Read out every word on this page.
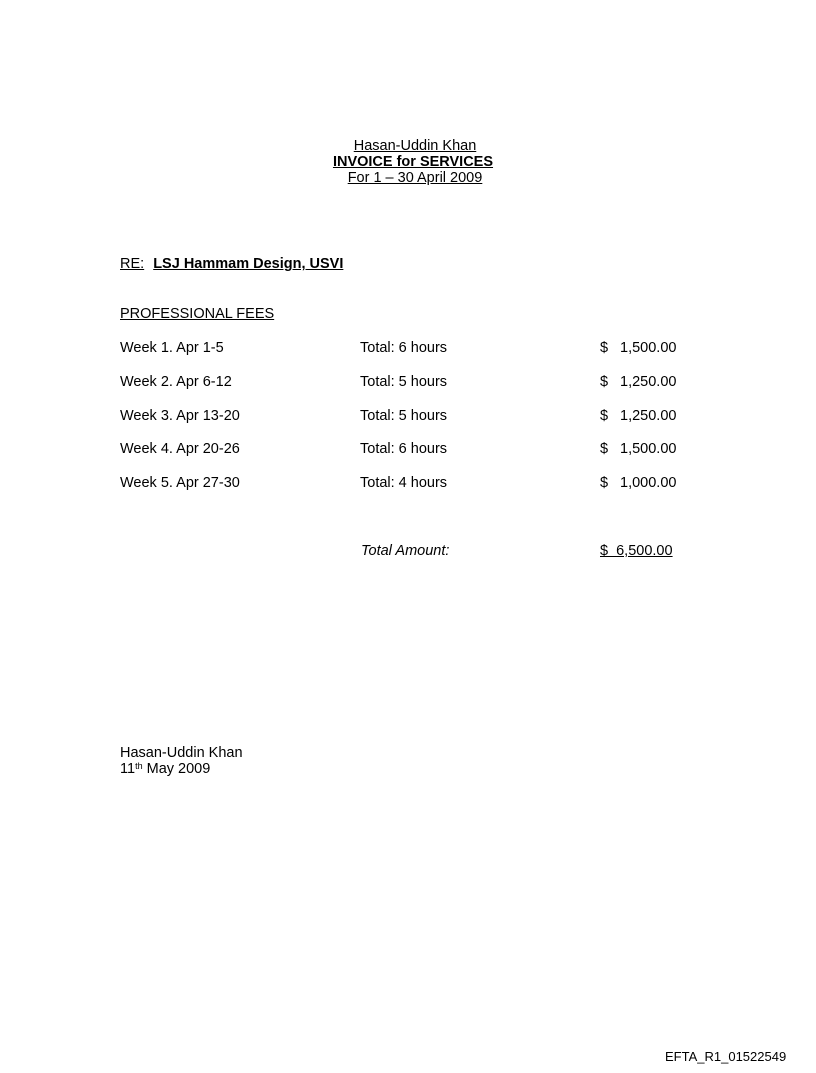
Hasan-Uddin Khan
INVOICE for SERVICES
For 1 – 30 April 2009
RE: LSJ Hammam Design, USVI
PROFESSIONAL FEES
Week 1. Apr 1-5	Total: 6 hours	$ 1,500.00
Week 2. Apr 6-12	Total: 5 hours	$ 1,250.00
Week 3. Apr 13-20	Total: 5 hours	$ 1,250.00
Week 4. Apr 20-26	Total: 6 hours	$ 1,500.00
Week 5. Apr 27-30	Total: 4 hours	$ 1,000.00
Total Amount:	$  6,500.00
Hasan-Uddin Khan
11th May 2009
EFTA_R1_01522549
